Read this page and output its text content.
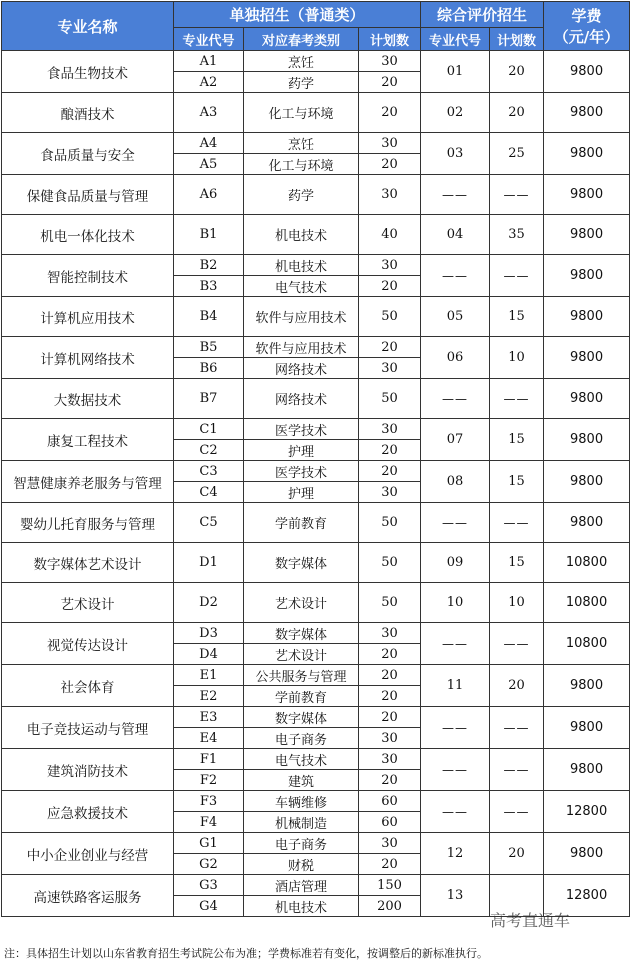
专业名称	单独招生（普通类）			综合评价招生		学费
（元/年）

	专业代号	对应春考类别	计划数	专业代号	计划数	
食品生物技术	A1	烹饪	30	01	20	9800
	A2	药学	20			
酿酒技术	A3	化工与环境	20	02	20	9800
食品质量与安全	A4	烹饪	30	03	25	9800
	A5	化工与环境	20			
保健食品质量与管理	A6	药学	30	——	——	9800
机电一体化技术	B1	机电技术	40	04	35	9800
智能控制技术	B2	机电技术	30	——	——	9800
	B3	电气技术	20			
计算机应用技术	B4	软件与应用技术	50	05	15	9800
计算机网络技术	B5	软件与应用技术	20	06	10	9800
	B6	网络技术	30			
大数据技术	B7	网络技术	50	——	——	9800
康复工程技术	C1	医学技术	30	07	15	9800
	C2	护理	20			
智慧健康养老服务与管理	C3	医学技术	20	08	15	9800
	C4	护理	30			
婴幼儿托育服务与管理	C5	学前教育	50	——	——	9800
数字媒体艺术设计	D1	数字媒体	50	09	15	10800
艺术设计	D2	艺术设计	50	10	10	10800
视觉传达设计	D3	数字媒体	30	——	——	10800
	D4	艺术设计	20			
社会体育	E1	公共服务与管理	20	11	20	9800
	E2	学前教育	20			
电子竞技运动与管理	E3	数字媒体	20	——	——	9800
	E4	电子商务	30			
建筑消防技术	F1	电气技术	30	——	——	9800
	F2	建筑	20			
应急救援技术	F3	车辆维修	60	——	——	12800
	F4	机械制造	60			
中小企业创业与经营	G1	电子商务	30	12	20	9800
	G2	财税	20			
高速铁路客运服务	G3	酒店管理	150	13		12800
	G4	机电技术	200			
注：具体招生计划以山东省教育招生考试院公布为准；学费标准若有变化，按调整后的新标准执行。
高考直通车
